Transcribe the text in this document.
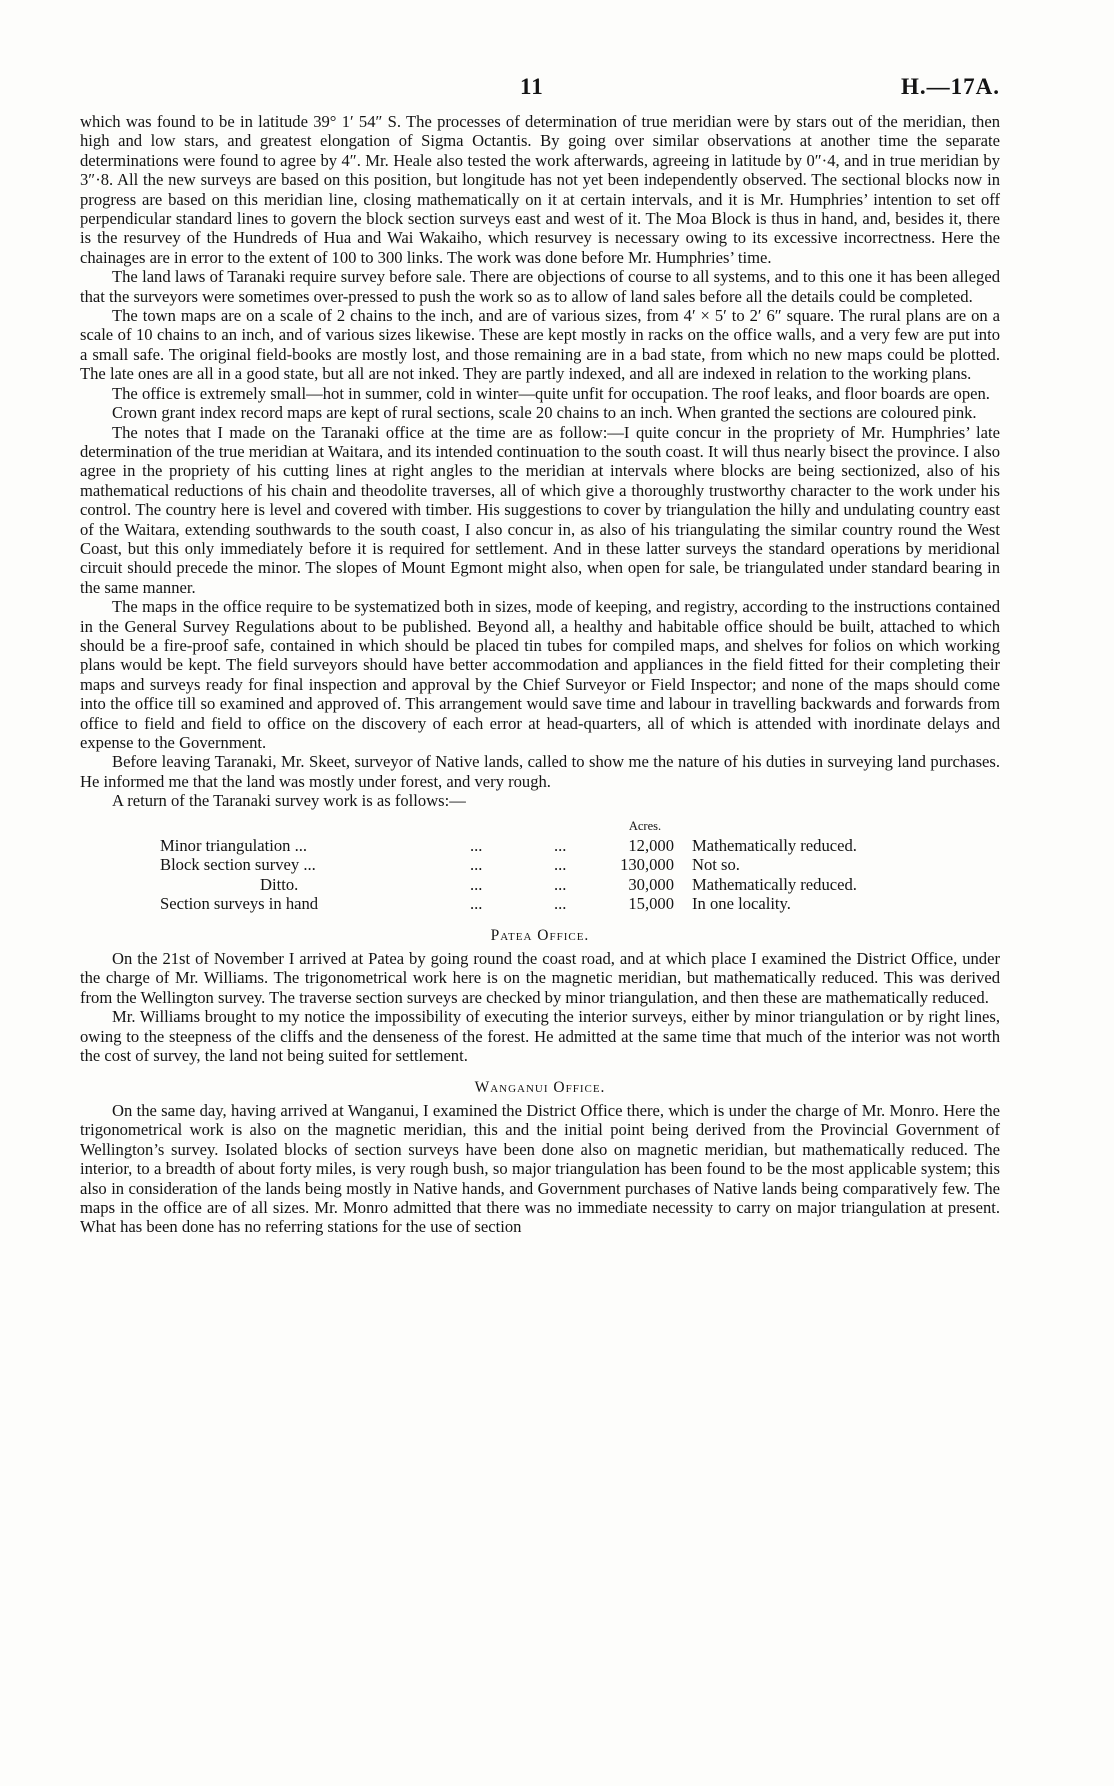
11	H.—17A.

which was found to be in latitude 39° 1′ 54″ S. The processes of determination of true meridian were by stars out of the meridian, then high and low stars, and greatest elongation of Sigma Octantis. By going over similar observations at another time the separate determinations were found to agree by 4″. Mr. Heale also tested the work afterwards, agreeing in latitude by 0″·4, and in true meridian by 3″·8. All the new surveys are based on this position, but longitude has not yet been independently observed. The sectional blocks now in progress are based on this meridian line, closing mathematically on it at certain intervals, and it is Mr. Humphries’ intention to set off perpendicular standard lines to govern the block section surveys east and west of it. The Moa Block is thus in hand, and, besides it, there is the resurvey of the Hundreds of Hua and Wai Wakaiho, which resurvey is necessary owing to its excessive incorrectness. Here the chainages are in error to the extent of 100 to 300 links. The work was done before Mr. Humphries’ time.

The land laws of Taranaki require survey before sale. There are objections of course to all systems, and to this one it has been alleged that the surveyors were sometimes over-pressed to push the work so as to allow of land sales before all the details could be completed.

The town maps are on a scale of 2 chains to the inch, and are of various sizes, from 4′ × 5′ to 2′ 6″ square. The rural plans are on a scale of 10 chains to an inch, and of various sizes likewise. These are kept mostly in racks on the office walls, and a very few are put into a small safe. The original field-books are mostly lost, and those remaining are in a bad state, from which no new maps could be plotted. The late ones are all in a good state, but all are not inked. They are partly indexed, and all are indexed in relation to the working plans.

The office is extremely small—hot in summer, cold in winter—quite unfit for occupation. The roof leaks, and floor boards are open.

Crown grant index record maps are kept of rural sections, scale 20 chains to an inch. When granted the sections are coloured pink.

The notes that I made on the Taranaki office at the time are as follow:—I quite concur in the propriety of Mr. Humphries’ late determination of the true meridian at Waitara, and its intended continuation to the south coast. It will thus nearly bisect the province. I also agree in the propriety of his cutting lines at right angles to the meridian at intervals where blocks are being sectionized, also of his mathematical reductions of his chain and theodolite traverses, all of which give a thoroughly trustworthy character to the work under his control. The country here is level and covered with timber. His suggestions to cover by triangulation the hilly and undulating country east of the Waitara, extending southwards to the south coast, I also concur in, as also of his triangulating the similar country round the West Coast, but this only immediately before it is required for settlement. And in these latter surveys the standard operations by meridional circuit should precede the minor. The slopes of Mount Egmont might also, when open for sale, be triangulated under standard bearing in the same manner.

The maps in the office require to be systematized both in sizes, mode of keeping, and registry, according to the instructions contained in the General Survey Regulations about to be published. Beyond all, a healthy and habitable office should be built, attached to which should be a fire-proof safe, contained in which should be placed tin tubes for compiled maps, and shelves for folios on which working plans would be kept. The field surveyors should have better accommodation and appliances in the field fitted for their completing their maps and surveys ready for final inspection and approval by the Chief Surveyor or Field Inspector; and none of the maps should come into the office till so examined and approved of. This arrangement would save time and labour in travelling backwards and forwards from office to field and field to office on the discovery of each error at head-quarters, all of which is attended with inordinate delays and expense to the Government.

Before leaving Taranaki, Mr. Skeet, surveyor of Native lands, called to show me the nature of his duties in surveying land purchases. He informed me that the land was mostly under forest, and very rough.

A return of the Taranaki survey work is as follows:—

			Acres.	
Minor triangulation ...	...	...	12,000	Mathematically reduced.
Block section survey ...	...	...	130,000	Not so.
Ditto.	...	...	30,000	Mathematically reduced.
Section surveys in hand	...	...	15,000	In one locality.
Patea Office.

On the 21st of November I arrived at Patea by going round the coast road, and at which place I examined the District Office, under the charge of Mr. Williams. The trigonometrical work here is on the magnetic meridian, but mathematically reduced. This was derived from the Wellington survey. The traverse section surveys are checked by minor triangulation, and then these are mathematically reduced.

Mr. Williams brought to my notice the impossibility of executing the interior surveys, either by minor triangulation or by right lines, owing to the steepness of the cliffs and the denseness of the forest. He admitted at the same time that much of the interior was not worth the cost of survey, the land not being suited for settlement.

Wanganui Office.

On the same day, having arrived at Wanganui, I examined the District Office there, which is under the charge of Mr. Monro. Here the trigonometrical work is also on the magnetic meridian, this and the initial point being derived from the Provincial Government of Wellington’s survey. Isolated blocks of section surveys have been done also on magnetic meridian, but mathematically reduced. The interior, to a breadth of about forty miles, is very rough bush, so major triangulation has been found to be the most applicable system; this also in consideration of the lands being mostly in Native hands, and Government purchases of Native lands being comparatively few. The maps in the office are of all sizes. Mr. Monro admitted that there was no immediate necessity to carry on major triangulation at present. What has been done has no referring stations for the use of section
